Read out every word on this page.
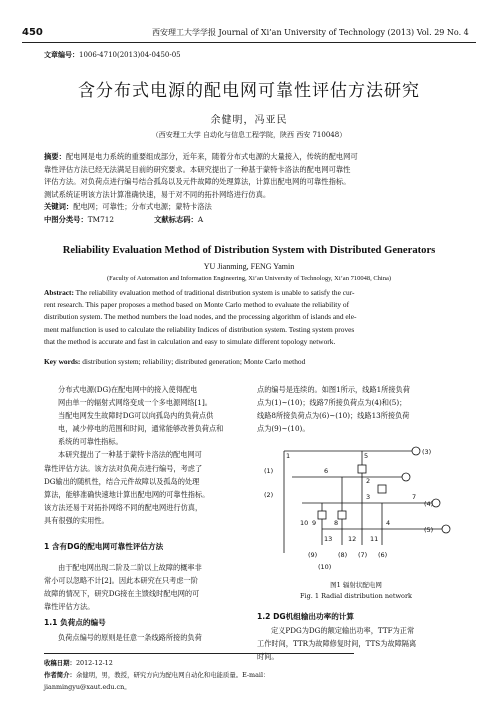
450	西安理工大学学报 Journal of Xi’an University of Technology (2013) Vol. 29 No. 4
文章编号：1006-4710(2013)04-0450-05
含分布式电源的配电网可靠性评估方法研究
余健明，冯亚民
（西安理工大学 自动化与信息工程学院，陕西 西安 710048）
摘要：配电网是电力系统的重要组成部分，近年来，随着分布式电源的大量接入，传统的配电网可
靠性评估方法已经无法满足目前的研究要求。本研究提出了一种基于蒙特卡洛法的配电网可靠性
评估方法。对负荷点进行编号结合孤岛以及元件故障的处理算法，计算出配电网的可靠性指标。
测试系统证明该方法计算准确快速，易于对不同的拓扑网络进行仿真。
关键词：配电网；可靠性；分布式电源；蒙特卡洛法
中图分类号：TM712	文献标志码：A
Reliability Evaluation Method of Distribution System with Distributed Generators
YU Jianming, FENG Yamin
(Faculty of Automation and Information Engineering, Xi’an University of Technology, Xi’an 710048, China)
Abstract: The reliability evaluation method of traditional distribution system is unable to satisfy the cur-
rent research. This paper proposes a method based on Monte Carlo method to evaluate the reliability of
distribution system. The method numbers the load nodes, and the processing algorithm of islands and ele-
ment malfunction is used to calculate the reliability Indices of distribution system. Testing system proves
that the method is accurate and fast in calculation and easy to simulate different topology network.
Key words: distribution system; reliability; distributed generation; Monte Carlo method
分布式电源(DG)在配电网中的接入使得配电
网由单一的辐射式网络变成一个多电源网络[1]。
当配电网发生故障时DG可以向孤岛内的负荷点供
电，减少停电的范围和时间，通常能够改善负荷点和
系统的可靠性指标。
本研究提出了一种基于蒙特卡洛法的配电网可
靠性评估方法。该方法对负荷点进行编号，考虑了
DG输出的随机性，结合元件故障以及孤岛的处理
算法，能够准确快速地计算出配电网的可靠性指标。
该方法还易于对拓扑网络不同的配电网进行仿真，
具有很强的实用性。
1 含有DG的配电网可靠性评估方法
由于配电网出现二阶及二阶以上故障的概率非
常小可以忽略不计[2]。因此本研究在只考虑一阶
故障的情况下，研究DG接在主馈线时配电网的可
靠性评估方法。
1.1 负荷点的编号
负荷点编号的原则是任意一条线路所接的负荷
点的编号是连续的。如图1所示，线路1所接负荷
点为(1)~(10)；线路7所接负荷点为(4)和(5)；
线路8所接负荷点为(6)~(10)；线路13所接负荷
点为(9)~(10)。
1	5
6
2
3	7
8
9
10	4
11
12
13
(1)
(2)
(3)
(4)
(5)
(6)
(7)
(8)
(9)
(10)
图1 辐射状配电网
Fig. 1 Radial distribution network
1.2 DG机组输出功率的计算
定义PDG为DG的额定输出功率，TTF为正常
工作时间，TTR为故障修复时间，TTS为故障隔离
时间。
收稿日期：2012-12-12
作者简介：余健明，男，教授，研究方向为配电网自动化和电能质量。E-mail：jianmingyu@xaut.edu.cn。
